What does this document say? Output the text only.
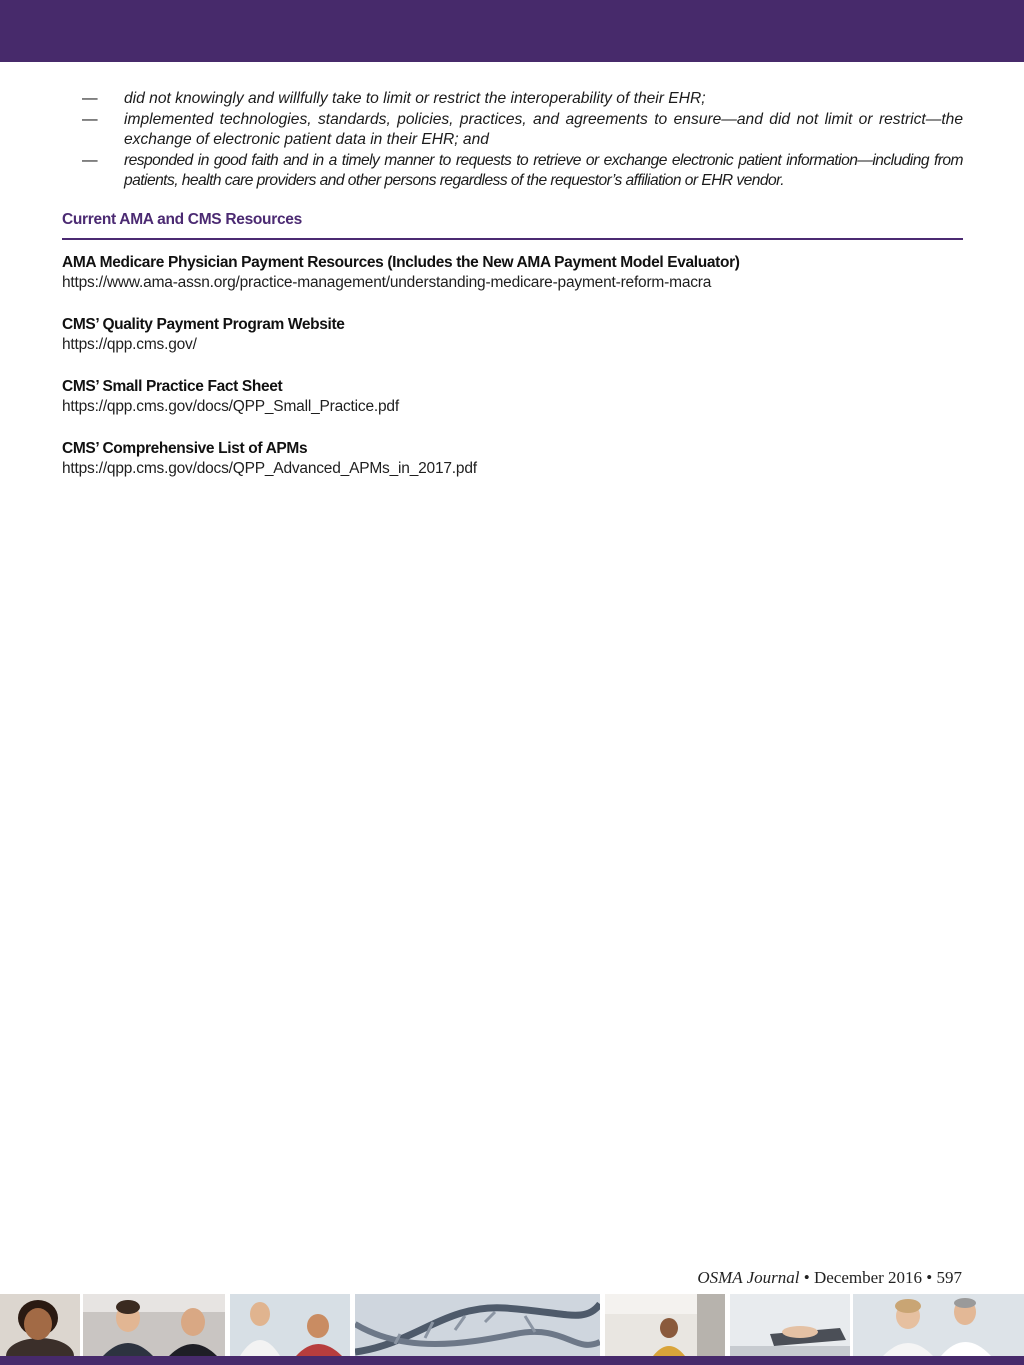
—	did not knowingly and willfully take to limit or restrict the interoperability of their EHR;
—	implemented technologies, standards, policies, practices, and agreements to ensure—and did not limit or restrict—the exchange of electronic patient data in their EHR; and
—	responded in good faith and in a timely manner to requests to retrieve or exchange electronic patient information—including from patients, health care providers and other persons regardless of the requestor’s affiliation or EHR vendor.
Current AMA and CMS Resources
AMA Medicare Physician Payment Resources (Includes the New AMA Payment Model Evaluator)
https://www.ama-assn.org/practice-management/understanding-medicare-payment-reform-macra
CMS’ Quality Payment Program Website
https://qpp.cms.gov/
CMS’ Small Practice Fact Sheet
https://qpp.cms.gov/docs/QPP_Small_Practice.pdf
CMS’ Comprehensive List of APMs
https://qpp.cms.gov/docs/QPP_Advanced_APMs_in_2017.pdf
OSMA Journal • December 2016 • 597
